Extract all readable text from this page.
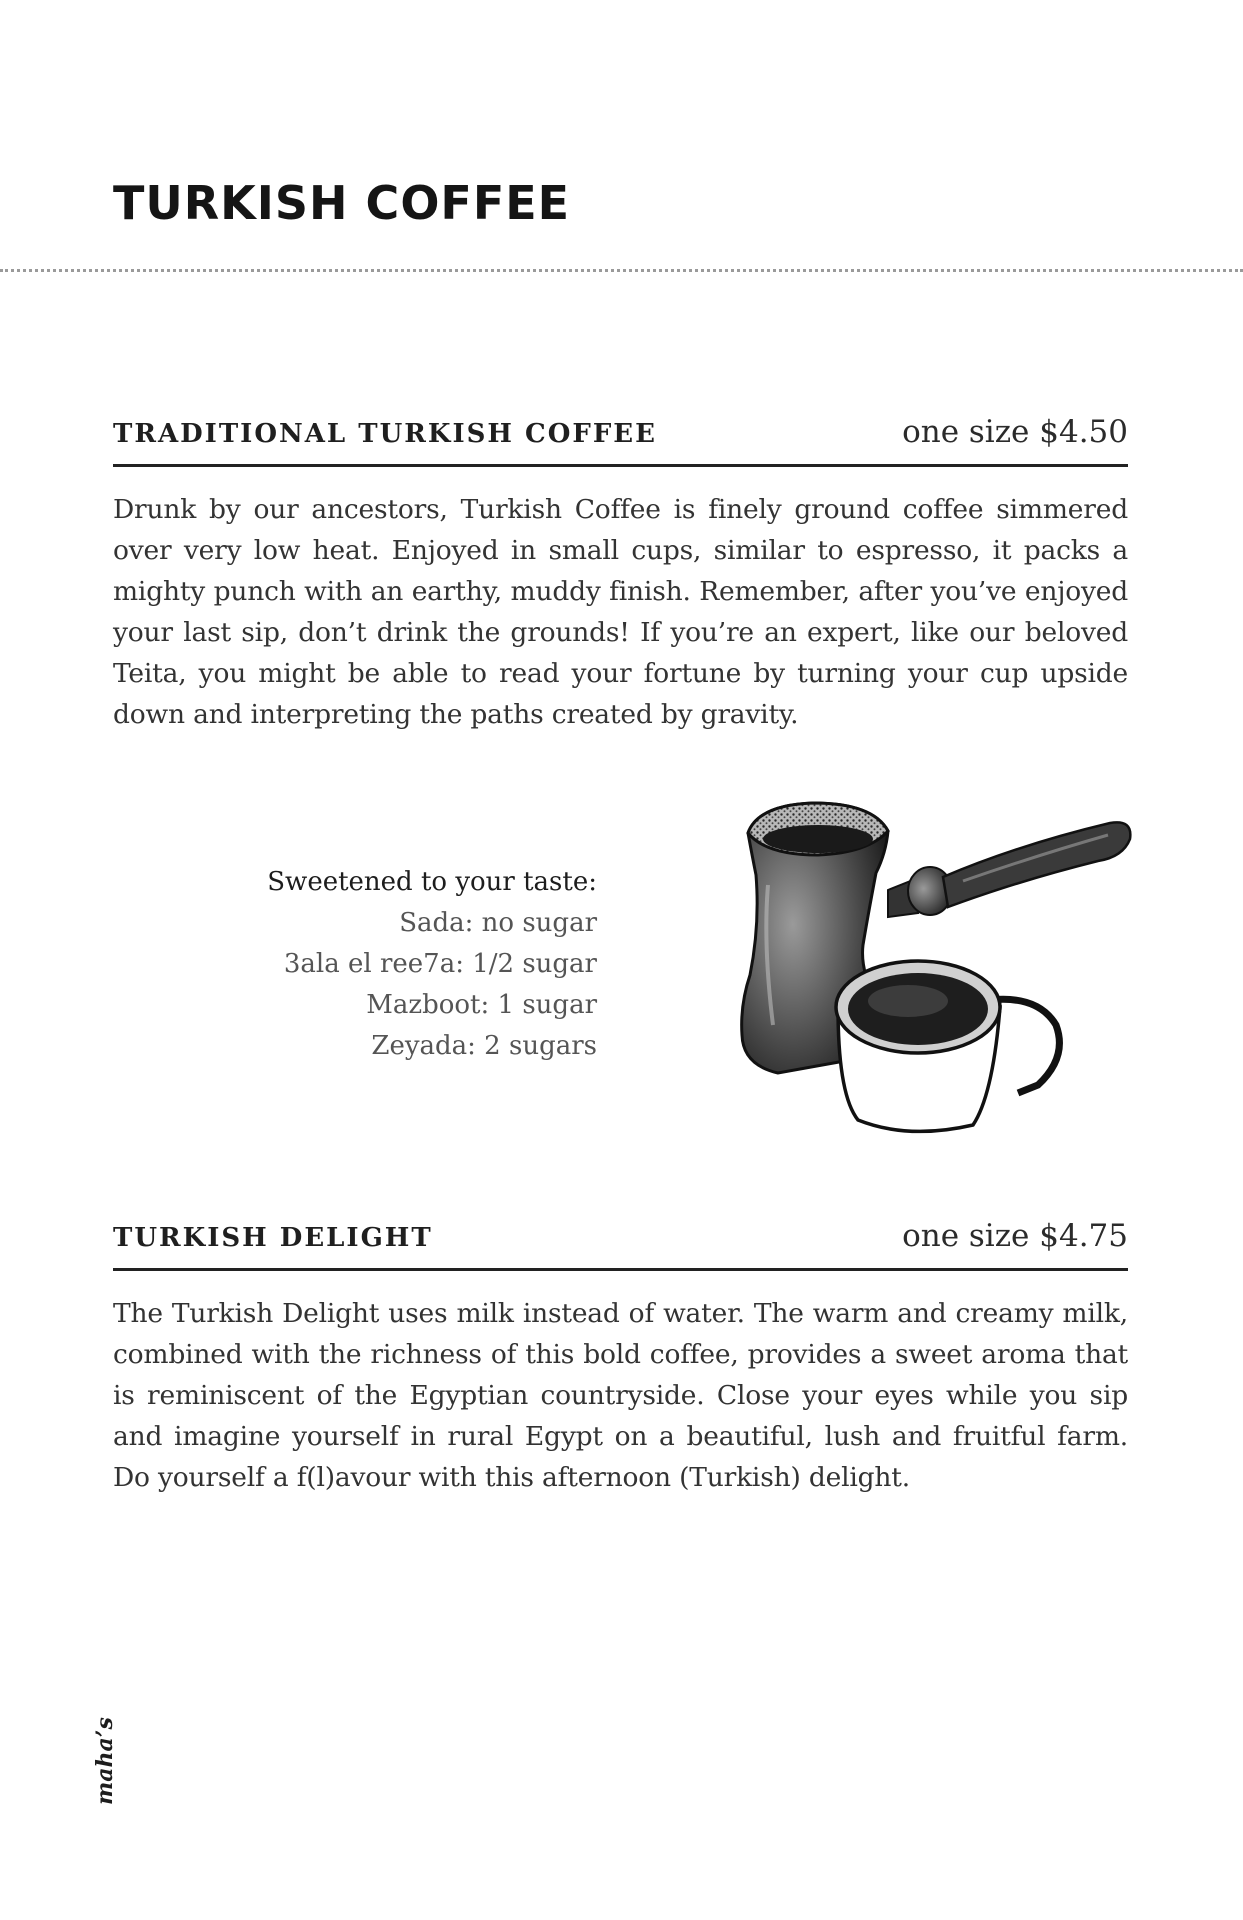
TURKISH COFFEE
TRADITIONAL TURKISH COFFEE	one size $4.50

Drunk by our ancestors, Turkish Coffee is finely ground coffee simmered over very low heat. Enjoyed in small cups, similar to espresso, it packs a mighty punch with an earthy, muddy finish. Remember, after you’ve enjoyed your last sip, don’t drink the grounds! If you’re an expert, like our beloved Teita, you might be able to read your fortune by turning your cup upside down and interpreting the paths created by gravity.

Sweetened to your taste:
Sada: no sugar
3ala el ree7a: 1/2 sugar
Mazboot: 1 sugar
Zeyada: 2 sugars
TURKISH DELIGHT	one size $4.75

The Turkish Delight uses milk instead of water. The warm and creamy milk, combined with the richness of this bold coffee, provides a sweet aroma that is reminiscent of the Egyptian countryside. Close your eyes while you sip and imagine yourself in rural Egypt on a beautiful, lush and fruitful farm. Do yourself a f(l)avour with this afternoon (Turkish) delight.

maha’s
